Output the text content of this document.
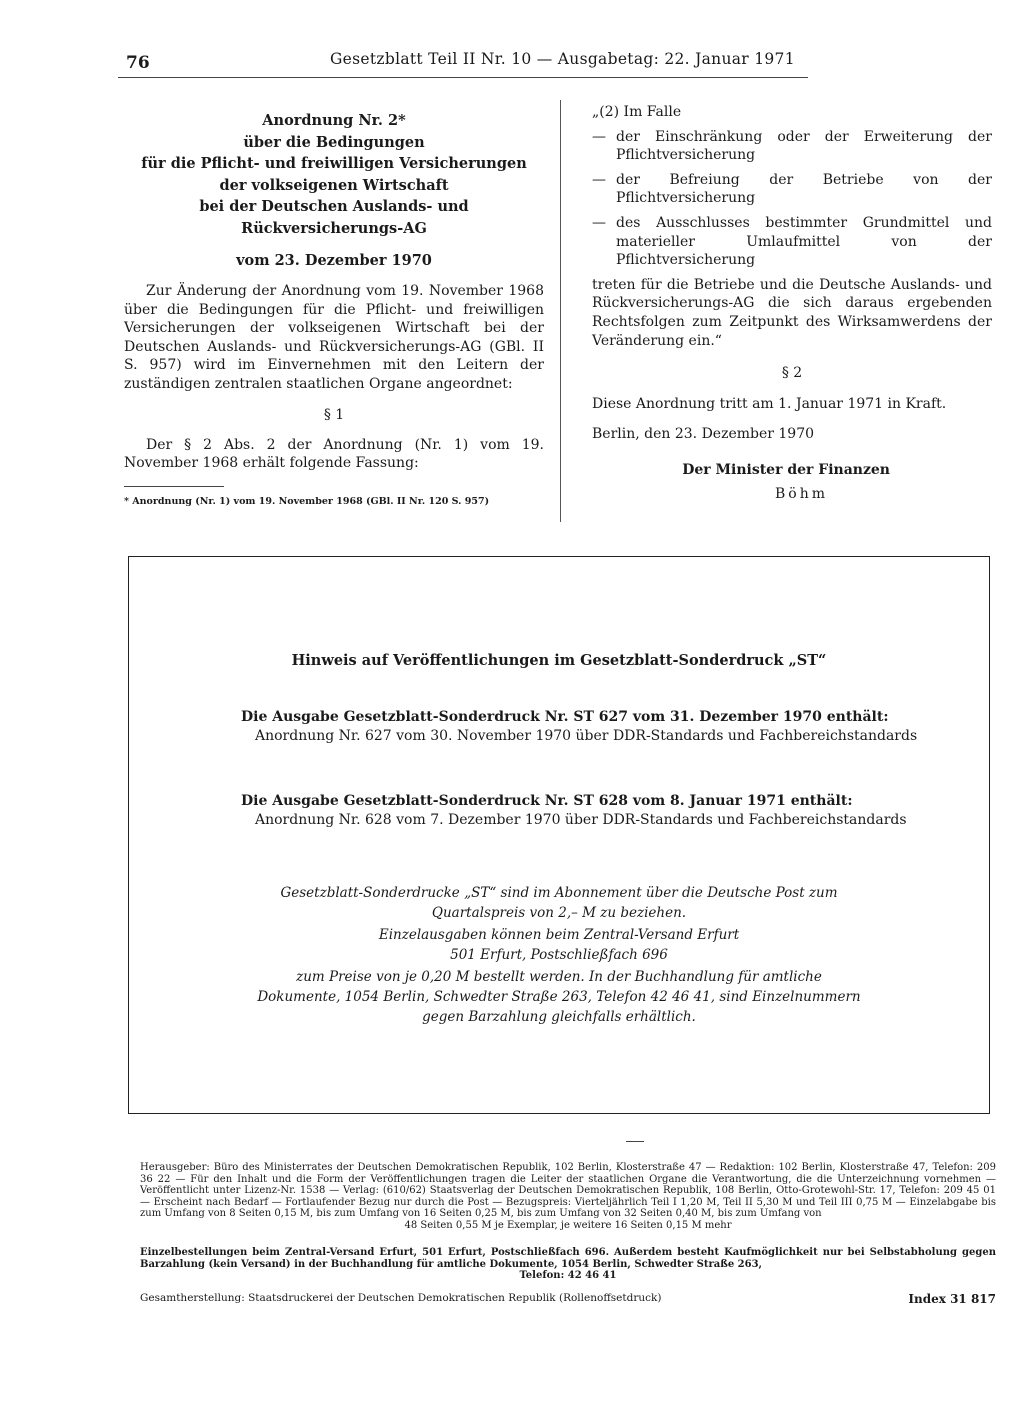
76	Gesetzblatt Teil II Nr. 10 — Ausgabetag: 22. Januar 1971
Anordnung Nr. 2*
über die Bedingungen
für die Pflicht- und freiwilligen Versicherungen
der volkseigenen Wirtschaft
bei der Deutschen Auslands- und
Rückversicherungs-AG
vom 23. Dezember 1970
Zur Änderung der Anordnung vom 19. November 1968 über die Bedingungen für die Pflicht- und freiwilligen Versicherungen der volkseigenen Wirtschaft bei der Deutschen Auslands- und Rückversicherungs-AG (GBl. II S. 957) wird im Einvernehmen mit den Leitern der zuständigen zentralen staatlichen Organe angeordnet:
§ 1
Der § 2 Abs. 2 der Anordnung (Nr. 1) vom 19. November 1968 erhält folgende Fassung:
* Anordnung (Nr. 1) vom 19. November 1968 (GBl. II Nr. 120 S. 957)
„(2) Im Falle
— der Einschränkung oder der Erweiterung der Pflichtversicherung
— der Befreiung der Betriebe von der Pflichtversicherung
— des Ausschlusses bestimmter Grundmittel und materieller Umlaufmittel von der Pflichtversicherung
treten für die Betriebe und die Deutsche Auslands- und Rückversicherungs-AG die sich daraus ergebenden Rechtsfolgen zum Zeitpunkt des Wirksamwerdens der Veränderung ein.“
§ 2
Diese Anordnung tritt am 1. Januar 1971 in Kraft.
Berlin, den 23. Dezember 1970
Der Minister der Finanzen
Böhm
Hinweis auf Veröffentlichungen im Gesetzblatt-Sonderdruck „ST“
Die Ausgabe Gesetzblatt-Sonderdruck Nr. ST 627 vom 31. Dezember 1970 enthält:
Anordnung Nr. 627 vom 30. November 1970 über DDR-Standards und Fachbereichstandards
Die Ausgabe Gesetzblatt-Sonderdruck Nr. ST 628 vom 8. Januar 1971 enthält:
Anordnung Nr. 628 vom 7. Dezember 1970 über DDR-Standards und Fachbereichstandards
Gesetzblatt-Sonderdrucke „ST“ sind im Abonnement über die Deutsche Post zum
Quartalspreis von 2,– M zu beziehen.
Einzelausgaben können beim Zentral-Versand Erfurt
501 Erfurt, Postschließfach 696
zum Preise von je 0,20 M bestellt werden. In der Buchhandlung für amtliche
Dokumente, 1054 Berlin, Schwedter Straße 263, Telefon 42 46 41, sind Einzelnummern
gegen Barzahlung gleichfalls erhältlich.
Herausgeber: Büro des Ministerrates der Deutschen Demokratischen Republik, 102 Berlin, Klosterstraße 47 — Redaktion: 102 Berlin, Klosterstraße 47, Telefon: 209 36 22 — Für den Inhalt und die Form der Veröffentlichungen tragen die Leiter der staatlichen Organe die Verantwortung, die die Unterzeichnung vornehmen — Veröffentlicht unter Lizenz-Nr. 1538 — Verlag: (610/62) Staatsverlag der Deutschen Demokratischen Republik, 108 Berlin, Otto-Grotewohl-Str. 17, Telefon: 209 45 01 — Erscheint nach Bedarf — Fortlaufender Bezug nur durch die Post — Bezugspreis: Vierteljährlich Teil I 1,20 M, Teil II 5,30 M und Teil III 0,75 M — Einzelabgabe bis zum Umfang von 8 Seiten 0,15 M, bis zum Umfang von 16 Seiten 0,25 M, bis zum Umfang von 32 Seiten 0,40 M, bis zum Umfang von
48 Seiten 0,55 M je Exemplar, je weitere 16 Seiten 0,15 M mehr
Einzelbestellungen beim Zentral-Versand Erfurt, 501 Erfurt, Postschließfach 696. Außerdem besteht Kaufmöglichkeit nur bei Selbstabholung gegen Barzahlung (kein Versand) in der Buchhandlung für amtliche Dokumente, 1054 Berlin, Schwedter Straße 263,
Telefon: 42 46 41
Gesamtherstellung: Staatsdruckerei der Deutschen Demokratischen Republik (Rollenoffsetdruck)	Index 31 817
